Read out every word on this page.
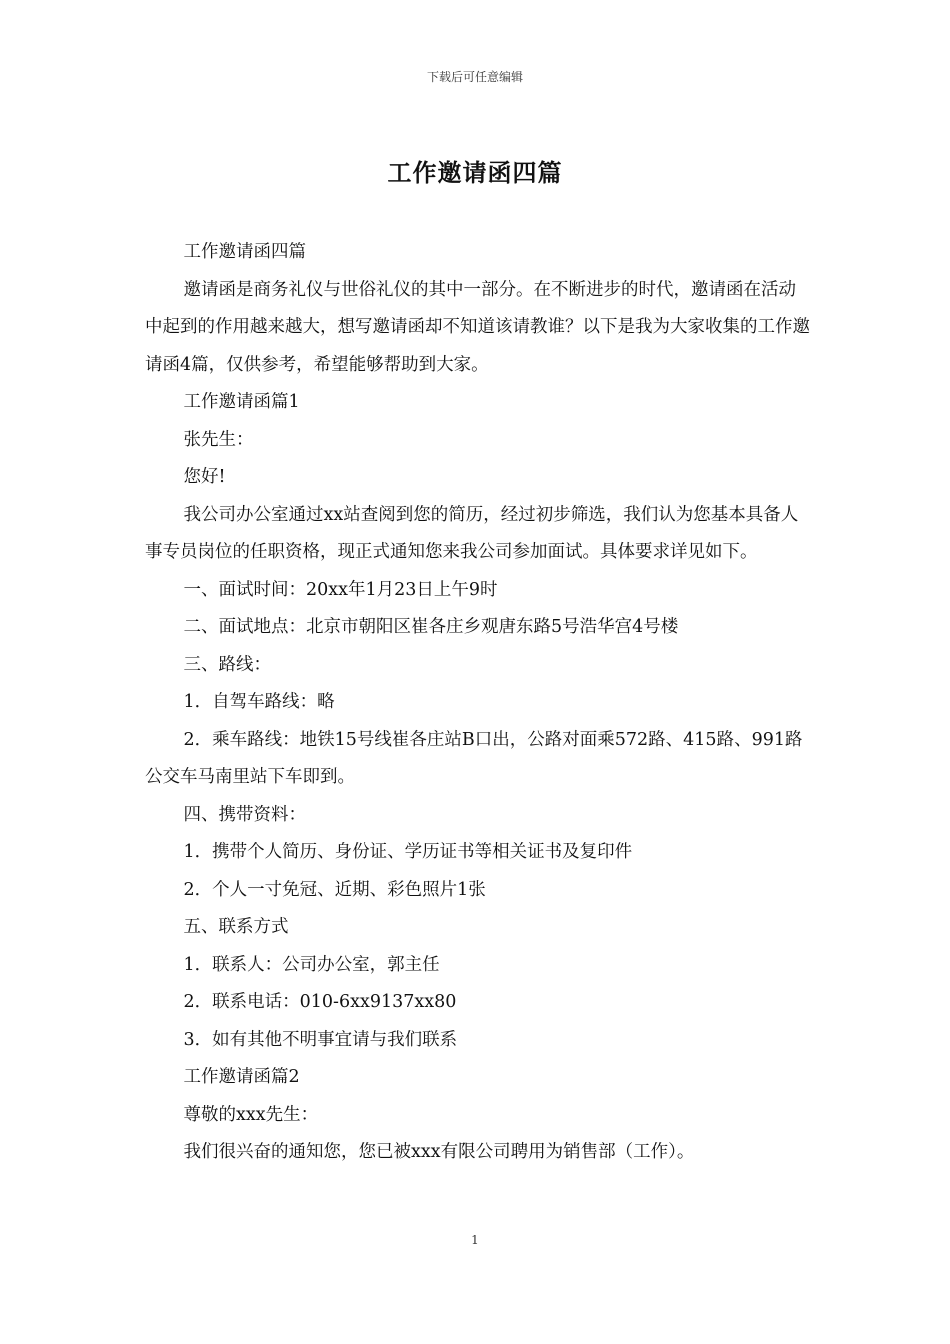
下载后可任意编辑
工作邀请函四篇

工作邀请函四篇

邀请函是商务礼仪与世俗礼仪的其中一部分。在不断进步的时代，邀请函在活动中起到的作用越来越大，想写邀请函却不知道该请教谁？以下是我为大家收集的工作邀请函4篇，仅供参考，希望能够帮助到大家。

工作邀请函篇1

张先生：

您好!

我公司办公室通过xx站查阅到您的简历，经过初步筛选，我们认为您基本具备人事专员岗位的任职资格，现正式通知您来我公司参加面试。具体要求详见如下。

一、面试时间：20xx年1月23日上午9时

二、面试地点：北京市朝阳区崔各庄乡观唐东路5号浩华宫4号楼

三、路线：

1．自驾车路线：略

2．乘车路线：地铁15号线崔各庄站B口出，公路对面乘572路、415路、991路公交车马南里站下车即到。

四、携带资料：

1．携带个人简历、身份证、学历证书等相关证书及复印件

2．个人一寸免冠、近期、彩色照片1张

五、联系方式

1．联系人：公司办公室，郭主任

2．联系电话：010-6xx9137xx80

3．如有其他不明事宜请与我们联系

工作邀请函篇2

尊敬的xxx先生：

我们很兴奋的通知您，您已被xxx有限公司聘用为销售部（工作）。

1
